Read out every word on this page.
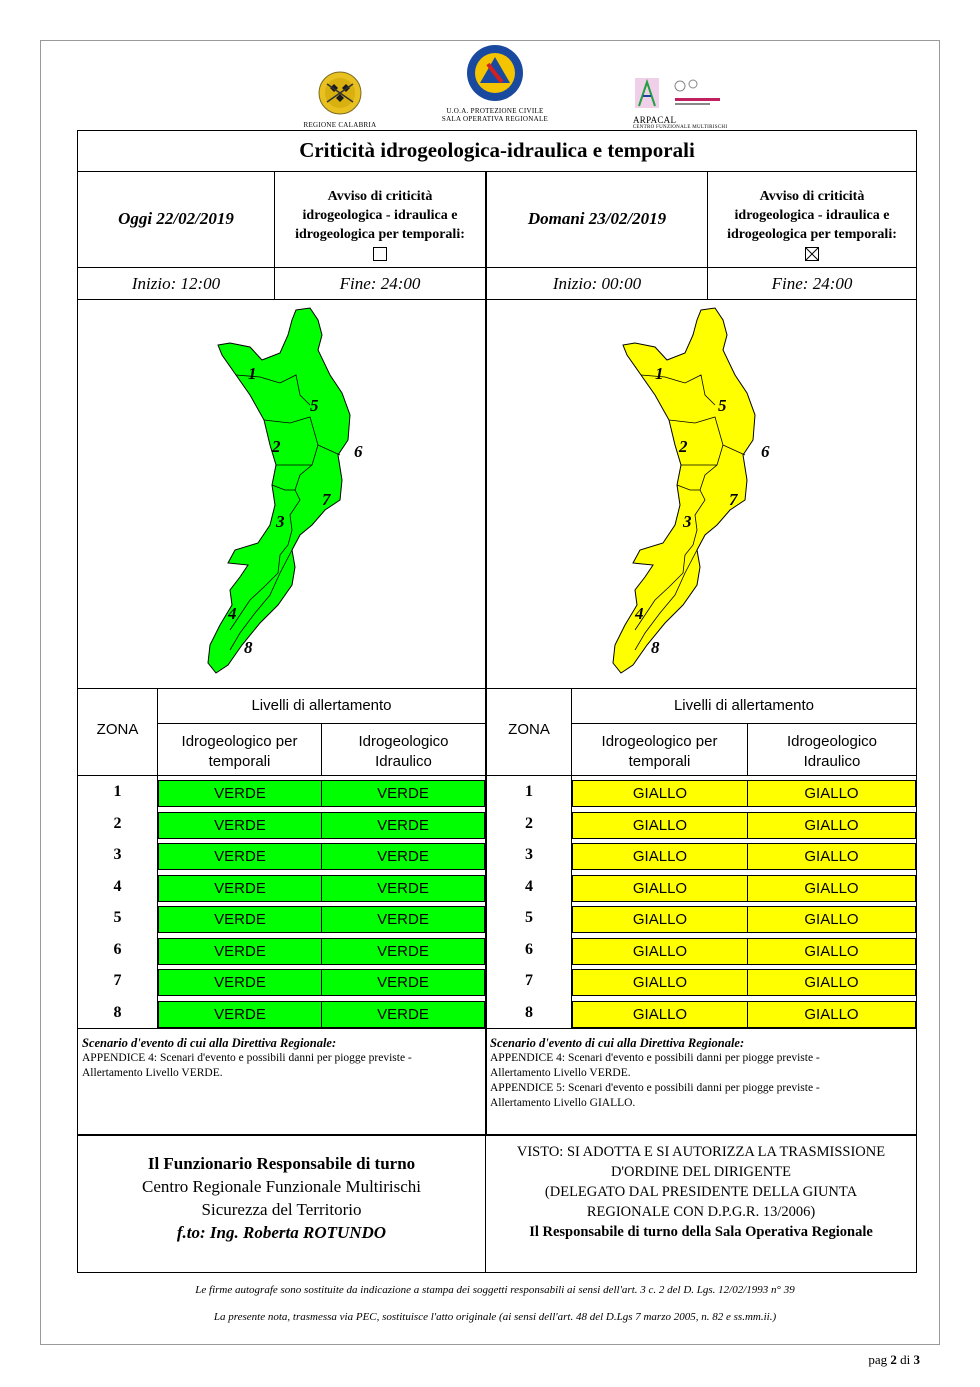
REGIONE CALABRIA
U.O.A. PROTEZIONE CIVILE
SALA OPERATIVA REGIONALE	ARPACAL
CENTRO FUNZIONALE MULTIRISCHI
Criticità idrogeologica-idraulica e temporali
Oggi 22/02/2019
Avviso di criticità
idrogeologica - idraulica e
idrogeologica per temporali:
Domani 23/02/2019
Avviso di criticità
idrogeologica - idraulica e
idrogeologica per temporali:
Inizio: 12:00	Fine: 24:00	Inizio: 00:00	Fine: 24:00
1
5
2	6
7
3
4
8
1
5
2	6
7
3
4
8
ZONA
Livelli di allertamento
Idrogeologico per
temporali
Idrogeologico
Idraulico
ZONA
Livelli di allertamento
Idrogeologico per
temporali
Idrogeologico
Idraulico
1	VERDE	VERDE
2	VERDE	VERDE
3	VERDE	VERDE
4	VERDE	VERDE
5	VERDE	VERDE
6	VERDE	VERDE
7	VERDE	VERDE
8	VERDE	VERDE
1	GIALLO	GIALLO
2	GIALLO	GIALLO
3	GIALLO	GIALLO
4	GIALLO	GIALLO
5	GIALLO	GIALLO
6	GIALLO	GIALLO
7	GIALLO	GIALLO
8	GIALLO	GIALLO
Scenario d'evento di cui alla Direttiva Regionale:
APPENDICE 4: Scenari d'evento e possibili danni per piogge previste -
Allertamento Livello VERDE.
Scenario d'evento di cui alla Direttiva Regionale:
APPENDICE 4: Scenari d'evento e possibili danni per piogge previste -
Allertamento Livello VERDE.
APPENDICE 5: Scenari d'evento e possibili danni per piogge previste -
Allertamento Livello GIALLO.
Il Funzionario Responsabile di turno
Centro Regionale Funzionale Multirischi
Sicurezza del Territorio
f.to: Ing. Roberta ROTUNDO
VISTO: SI ADOTTA E SI AUTORIZZA LA TRASMISSIONE
D'ORDINE DEL DIRIGENTE
(DELEGATO DAL PRESIDENTE DELLA GIUNTA
REGIONALE CON D.P.G.R. 13/2006)
Il Responsabile di turno della Sala Operativa Regionale
Le firme autografe sono sostituite da indicazione a stampa dei soggetti responsabili ai sensi dell'art. 3 c. 2 del D. Lgs. 12/02/1993 n° 39
La presente nota, trasmessa via PEC, sostituisce l'atto originale (ai sensi dell'art. 48 del D.Lgs 7 marzo 2005, n. 82 e ss.mm.ii.)
pag 2 di 3
